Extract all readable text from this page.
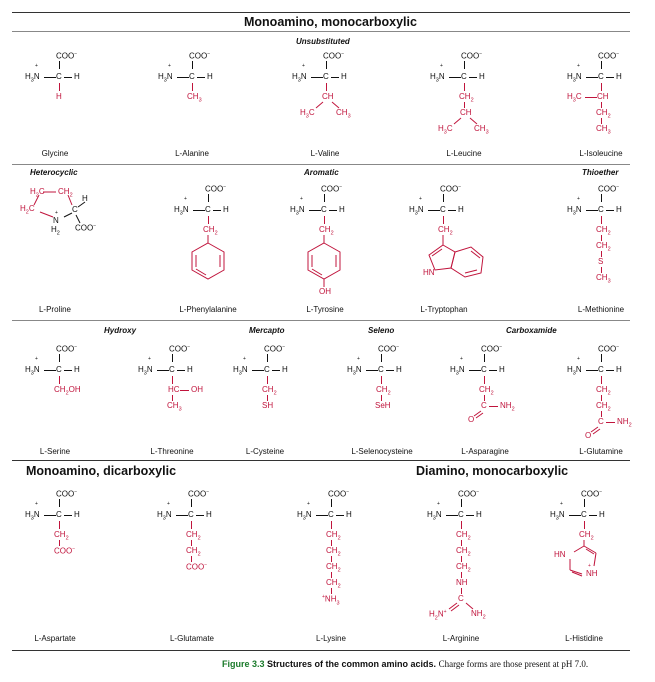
Monoamino, monocarboxylic
Monoamino, dicarboxylic	Diamino, monocarboxylic
Unsubstituted
Heterocyclic	Aromatic	Thioether
Hydroxy	Mercapto	Seleno	Carboxamide
COO−
+
$H_3N$ C H
H
COO−
+
$H_3N$ C H
$CH_3$
COO−
+
$H_3N$ C H
CH
$H_3C$	$CH_3$
COO−
+
$H_3N$ C H
$CH_2$
CH
$H_3C$	$CH_3$
COO−
+
$H_3N$ C H
$H_3C$ CH
$CH_2$
$CH_3$
Glycine	L-Alanine	L-Valine	L-Leucine	L-Isoleucine
$H_2C$ $CH_2$
$H_2C$	C
H
+
N
$H_2$
COO−
COO−
+
$H_3N$ C H
$CH_2$
COO−
+
$H_3N$ C H
$CH_2$
OH
COO−
+
$H_3N$ C H
$CH_2$
HN
COO−
+
$H_3N$ C H
$CH_2$
$CH_2$
S
$CH_3$
L-Proline	L-Phenylalanine	L-Tyrosine	L-Tryptophan	L-Methionine
COO−
+
$H_3N$ C H
$CH_2OH$
COO−
+
$H_3N$ C H
HC OH
$CH_3$
COO−
+
$H_3N$ C H
$CH_2$
SH
COO−
+
$H_3N$ C H
$CH_2$
SeH
COO−
+
$H_3N$ C H
$CH_2$
C $NH_2$
O
COO−
+
$H_3N$ C H
$CH_2$
$CH_2$
C $NH_2$
O
L-Serine	L-Threonine	L-Cysteine	L-Selenocysteine	L-Asparagine	L-Glutamine
COO−
+
$H_3N$ C H
$CH_2$
COO−
COO−
+
$H_3N$ C H
$CH_2$
$CH_2$
COO−
COO−
+
$H_3N$ C H
$CH_2$
$CH_2$
$CH_2$
$CH_2$
$^+NH_3$
COO−
+
$H_3N$ C H
$CH_2$
$CH_2$
$CH_2$
NH
C
$H_2N^+$	$NH_2$
COO−
+
$H_3N$ C H
$CH_2$
HN
+
NH
L-Aspartate	L-Glutamate	L-Lysine	L-Arginine	L-Histidine
Figure 3.3 Structures of the common amino acids. Charge forms are those present at pH 7.0.
